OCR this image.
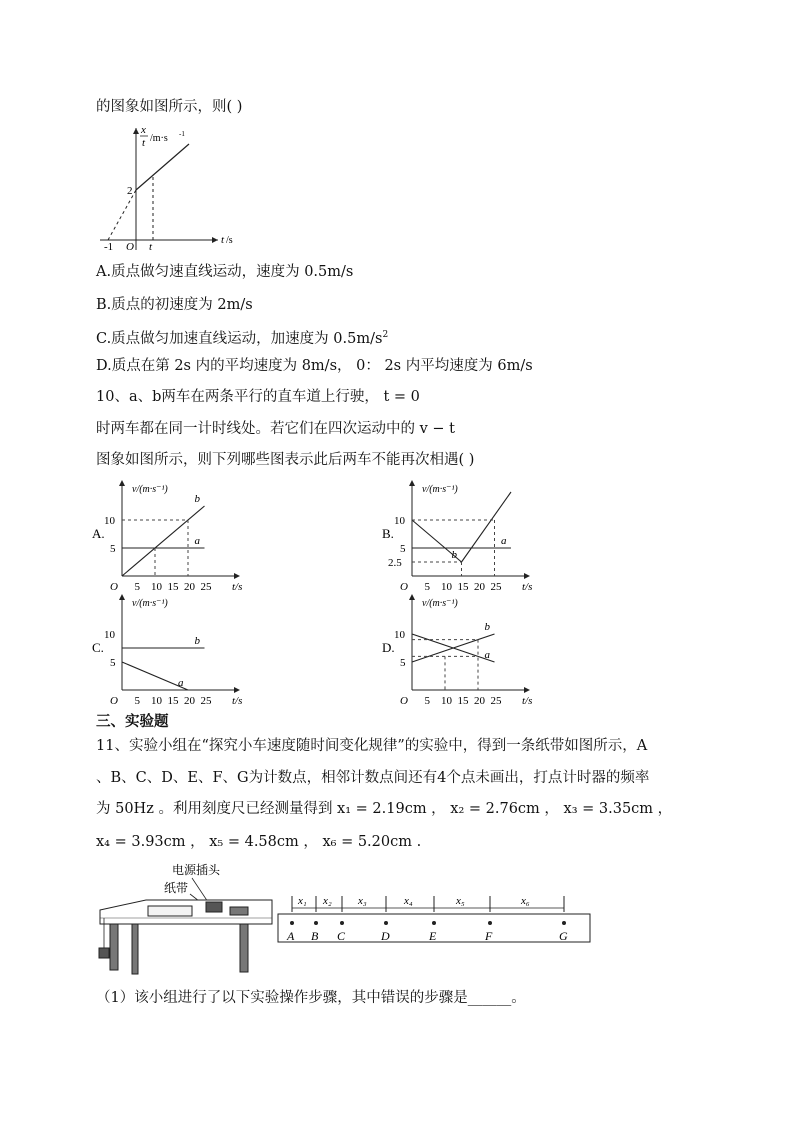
的图象如图所示，则( )
x
t /m·s -1
2
-1 O t
t /s
A.质点做匀速直线运动，速度为 0.5m/s
B.质点的初速度为 2m/s
C.质点做匀加速直线运动，加速度为 $0.5m/s^2$
D.质点在第 2s 内的平均速度为 8m/s， 0： 2s 内平均速度为 6m/s
10、a、b两车在两条平行的直车道上行驶， t = 0
时两车都在同一计时线处。若它们在四次运动中的 v − t
图象如图所示，则下列哪些图表示此后两车不能再次相遇( )
A.
v/(m·s⁻¹)
t/s
O 5 10 15 20 25
10
5
a
b
B.
v/(m·s⁻¹)
t/s
O 5 10 15 20 25
10
5
2.5
a
b
C.
v/(m·s⁻¹)
t/s
O 5 10 15 20 25
10
5
b
a
D.
v/(m·s⁻¹)
t/s
O 5 10 15 20 25
10
5
a
b
三、实验题
11、实验小组在“探究小车速度随时间变化规律”的实验中，得到一条纸带如图所示，A
、B、C、D、E、F、G为计数点，相邻计数点间还有4个点未画出，打点计时器的频率
为 50Hz 。利用刻度尺已经测量得到 x₁ = 2.19cm ， x₂ = 2.76cm ， x₃ = 3.35cm ，
x₄ = 3.93cm ， x₅ = 4.58cm ， x₆ = 5.20cm .
电源插头
纸带
A B C	D	E	F	G
x₁ x₂ x₃	x₄	x₅	x₆
（1）该小组进行了以下实验操作步骤，其中错误的步骤是______。
